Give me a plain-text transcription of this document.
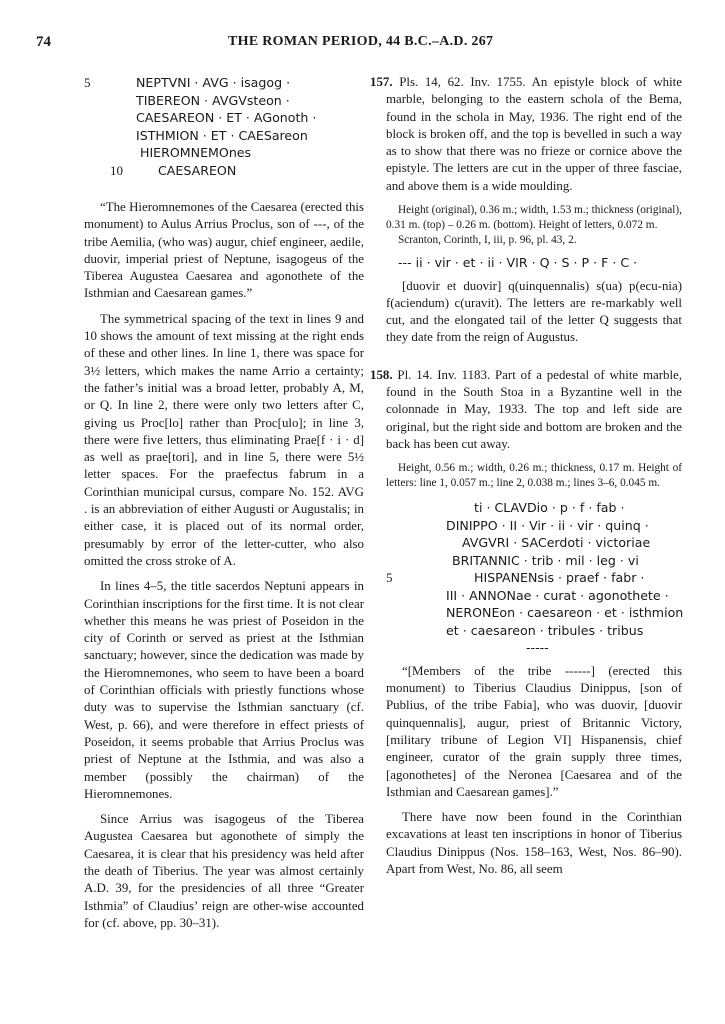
74	THE ROMAN PERIOD, 44 B.C.–A.D. 267
5	NEPTVNI · AVG · isagog ·
TIBEREON · AVGVsteon ·
CAESAREON · ET · AGonoth ·
ISTHMION · ET · CAESareon
HIEROMNEMOnes
10	CAESAREON

“The Hieromnemones of the Caesarea (erected this monument) to Aulus Arrius Proclus, son of ---, of the tribe Aemilia, (who was) augur, chief engineer, aedile, duovir, imperial priest of Neptune, isagogeus of the Tiberea Augustea Caesarea and agonothete of the Isthmian and Caesarean games.”

The symmetrical spacing of the text in lines 9 and 10 shows the amount of text missing at the right ends of these and other lines. In line 1, there was space for 3½ letters, which makes the name Arrio a certainty; the father’s initial was a broad letter, probably A, M, or Q. In line 2, there were only two letters after C, giving us Proc[lo] rather than Proc[ulo]; in line 3, there were five letters, thus eliminating Prae[f · i · d] as well as prae[tori], and in line 5, there were 5½ letter spaces. For the praefectus fabrum in a Corinthian municipal cursus, compare No. 152. AVG . is an abbreviation of either Augusti or Augustalis; in either case, it is placed out of its normal order, presumably by error of the letter-cutter, who also omitted the cross stroke of A.

In lines 4–5, the title sacerdos Neptuni appears in Corinthian inscriptions for the first time. It is not clear whether this means he was priest of Poseidon in the city of Corinth or served as priest at the Isthmian sanctuary; however, since the dedication was made by the Hieromnemones, who seem to have been a board of Corinthian officials with priestly functions whose duty was to supervise the Isthmian sanctuary (cf. West, p. 66), and were therefore in effect priests of Poseidon, it seems probable that Arrius Proclus was priest of Neptune at the Isthmia, and was also a member (possibly the chairman) of the Hieromnemones.

Since Arrius was isagogeus of the Tiberea Augustea Caesarea but agonothete of simply the Caesarea, it is clear that his presidency was held after the death of Tiberius. The year was almost certainly A.D. 39, for the presidencies of all three “Greater Isthmia” of Claudius’ reign are other-wise accounted for (cf. above, pp. 30–31).

157. Pls. 14, 62. Inv. 1755. An epistyle block of white marble, belonging to the eastern schola of the Bema, found in the schola in May, 1936. The right end of the block is broken off, and the top is bevelled in such a way as to show that there was no frieze or cornice above the epistyle. The letters are cut in the upper of three fasciae, and above them is a wide moulding.

Height (original), 0.36 m.; width, 1.53 m.; thickness (original), 0.31 m. (top) – 0.26 m. (bottom). Height of letters, 0.072 m.

Scranton, Corinth, I, iii, p. 96, pl. 43, 2.

--- ii · vir · et · ii · VIR · Q · S · P · F · C ·

[duovir et duovir] q(uinquennalis) s(ua) p(ecu-nia) f(aciendum) c(uravit). The letters are re-markably well cut, and the elongated tail of the letter Q suggests that they date from the reign of Augustus.

158. Pl. 14. Inv. 1183. Part of a pedestal of white marble, found in the South Stoa in a Byzantine well in the colonnade in May, 1933. The top and left side are original, but the right side and bottom are broken and the back has been cut away.

Height, 0.56 m.; width, 0.26 m.; thickness, 0.17 m. Height of letters: line 1, 0.057 m.; line 2, 0.038 m.; lines 3–6, 0.045 m.

ti · CLAVDio · p · f · fab ·
DINIPPO · II · Vir · ii · vir · quinq ·
AVGVRI · SACerdoti · victoriae
BRITANNIC · trib · mil · leg · vi
5	HISPANENsis · praef · fabr ·
III · ANNONae · curat · agonothete ·
NERONEon · caesareon · et · isthmion
et · caesareon · tribules · tribus
-----

“[Members of the tribe ------] (erected this monument) to Tiberius Claudius Dinippus, [son of Publius, of the tribe Fabia], who was duovir, [duovir quinquennalis], augur, priest of Britannic Victory, [military tribune of Legion VI] Hispanensis, chief engineer, curator of the grain supply three times, [agonothetes] of the Neronea [Caesarea and of the Isthmian and Caesarean games].”

There have now been found in the Corinthian excavations at least ten inscriptions in honor of Tiberius Claudius Dinippus (Nos. 158–163, West, Nos. 86–90). Apart from West, No. 86, all seem
